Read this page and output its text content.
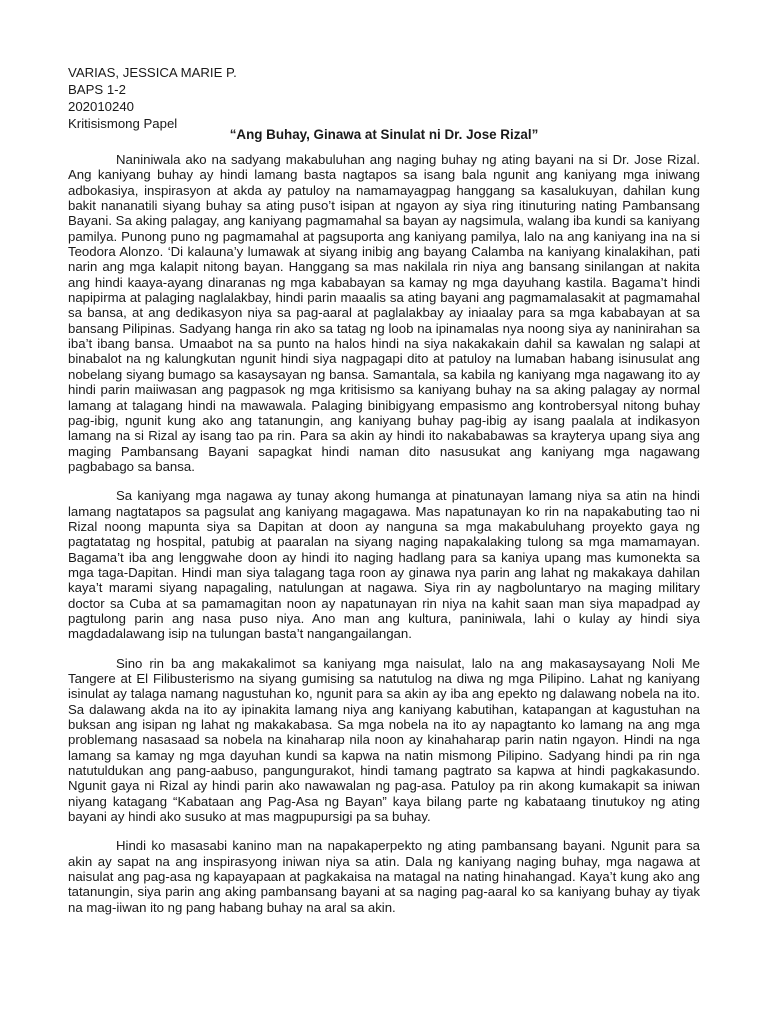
VARIAS, JESSICA MARIE P.
BAPS 1-2
202010240
Kritisismong Papel
“Ang Buhay, Ginawa at Sinulat ni Dr. Jose Rizal”

Naniniwala ako na sadyang makabuluhan ang naging buhay ng ating bayani na si Dr. Jose Rizal. Ang kaniyang buhay ay hindi lamang basta nagtapos sa isang bala ngunit ang kaniyang mga iniwang adbokasiya, inspirasyon at akda ay patuloy na namamayagpag hanggang sa kasalukuyan, dahilan kung bakit nananatili siyang buhay sa ating puso’t isipan at ngayon ay siya ring itinuturing nating Pambansang Bayani. Sa aking palagay, ang kaniyang pagmamahal sa bayan ay nagsimula, walang iba kundi sa kaniyang pamilya. Punong puno ng pagmamahal at pagsuporta ang kaniyang pamilya, lalo na ang kaniyang ina na si Teodora Alonzo. ‘Di kalauna’y lumawak at siyang inibig ang bayang Calamba na kaniyang kinalakihan, pati narin ang mga kalapit nitong bayan. Hanggang sa mas nakilala rin niya ang bansang sinilangan at nakita ang hindi kaaya-ayang dinaranas ng mga kababayan sa kamay ng mga dayuhang kastila. Bagama’t hindi napipirma at palaging naglalakbay, hindi parin maaalis sa ating bayani ang pagmamalasakit at pagmamahal sa bansa, at ang dedikasyon niya sa pag-aaral at paglalakbay ay iniaalay para sa mga kababayan at sa bansang Pilipinas. Sadyang hanga rin ako sa tatag ng loob na ipinamalas nya noong siya ay naninirahan sa iba’t ibang bansa. Umaabot na sa punto na halos hindi na siya nakakakain dahil sa kawalan ng salapi at binabalot na ng kalungkutan ngunit hindi siya nagpagapi dito at patuloy na lumaban habang isinusulat ang nobelang siyang bumago sa kasaysayan ng bansa. Samantala, sa kabila ng kaniyang mga nagawang ito ay hindi parin maiiwasan ang pagpasok ng mga kritisismo sa kaniyang buhay na sa aking palagay ay normal lamang at talagang hindi na mawawala. Palaging binibigyang empasismo ang kontrobersyal nitong buhay pag-ibig, ngunit kung ako ang tatanungin, ang kaniyang buhay pag-ibig ay isang paalala at indikasyon lamang na si Rizal ay isang tao pa rin. Para sa akin ay hindi ito nakababawas sa krayterya upang siya ang maging Pambansang Bayani sapagkat hindi naman dito nasusukat ang kaniyang mga nagawang pagbabago sa bansa.

Sa kaniyang mga nagawa ay tunay akong humanga at pinatunayan lamang niya sa atin na hindi lamang nagtatapos sa pagsulat ang kaniyang magagawa. Mas napatunayan ko rin na napakabuting tao ni Rizal noong mapunta siya sa Dapitan at doon ay nanguna sa mga makabuluhang proyekto gaya ng pagtatatag ng hospital, patubig at paaralan na siyang naging napakalaking tulong sa mga mamamayan. Bagama’t iba ang lenggwahe doon ay hindi ito naging hadlang para sa kaniya upang mas kumonekta sa mga taga-Dapitan. Hindi man siya talagang taga roon ay ginawa nya parin ang lahat ng makakaya dahilan kaya’t marami siyang napagaling, natulungan at nagawa. Siya rin ay nagboluntaryo na maging military doctor sa Cuba at sa pamamagitan noon ay napatunayan rin niya na kahit saan man siya mapadpad ay pagtulong parin ang nasa puso niya. Ano man ang kultura, paniniwala, lahi o kulay ay hindi siya magdadalawang isip na tulungan basta’t nangangailangan.

Sino rin ba ang makakalimot sa kaniyang mga naisulat, lalo na ang makasaysayang Noli Me Tangere at El Filibusterismo na siyang gumising sa natutulog na diwa ng mga Pilipino. Lahat ng kaniyang isinulat ay talaga namang nagustuhan ko, ngunit para sa akin ay iba ang epekto ng dalawang nobela na ito. Sa dalawang akda na ito ay ipinakita lamang niya ang kaniyang kabutihan, katapangan at kagustuhan na buksan ang isipan ng lahat ng makakabasa. Sa mga nobela na ito ay napagtanto ko lamang na ang mga problemang nasasaad sa nobela na kinaharap nila noon ay kinahaharap parin natin ngayon. Hindi na nga lamang sa kamay ng mga dayuhan kundi sa kapwa na natin mismong Pilipino. Sadyang hindi pa rin nga natutuldukan ang pang-aabuso, pangungurakot, hindi tamang pagtrato sa kapwa at hindi pagkakasundo. Ngunit gaya ni Rizal ay hindi parin ako nawawalan ng pag-asa. Patuloy pa rin akong kumakapit sa iniwan niyang katagang “Kabataan ang Pag-Asa ng Bayan” kaya bilang parte ng kabataang tinutukoy ng ating bayani ay hindi ako susuko at mas magpupursigi pa sa buhay.

Hindi ko masasabi kanino man na napakaperpekto ng ating pambansang bayani. Ngunit para sa akin ay sapat na ang inspirasyong iniwan niya sa atin. Dala ng kaniyang naging buhay, mga nagawa at naisulat ang pag-asa ng kapayapaan at pagkakaisa na matagal na nating hinahangad. Kaya’t kung ako ang tatanungin, siya parin ang aking pambansang bayani at sa naging pag-aaral ko sa kaniyang buhay ay tiyak na mag-iiwan ito ng pang habang buhay na aral sa akin.
